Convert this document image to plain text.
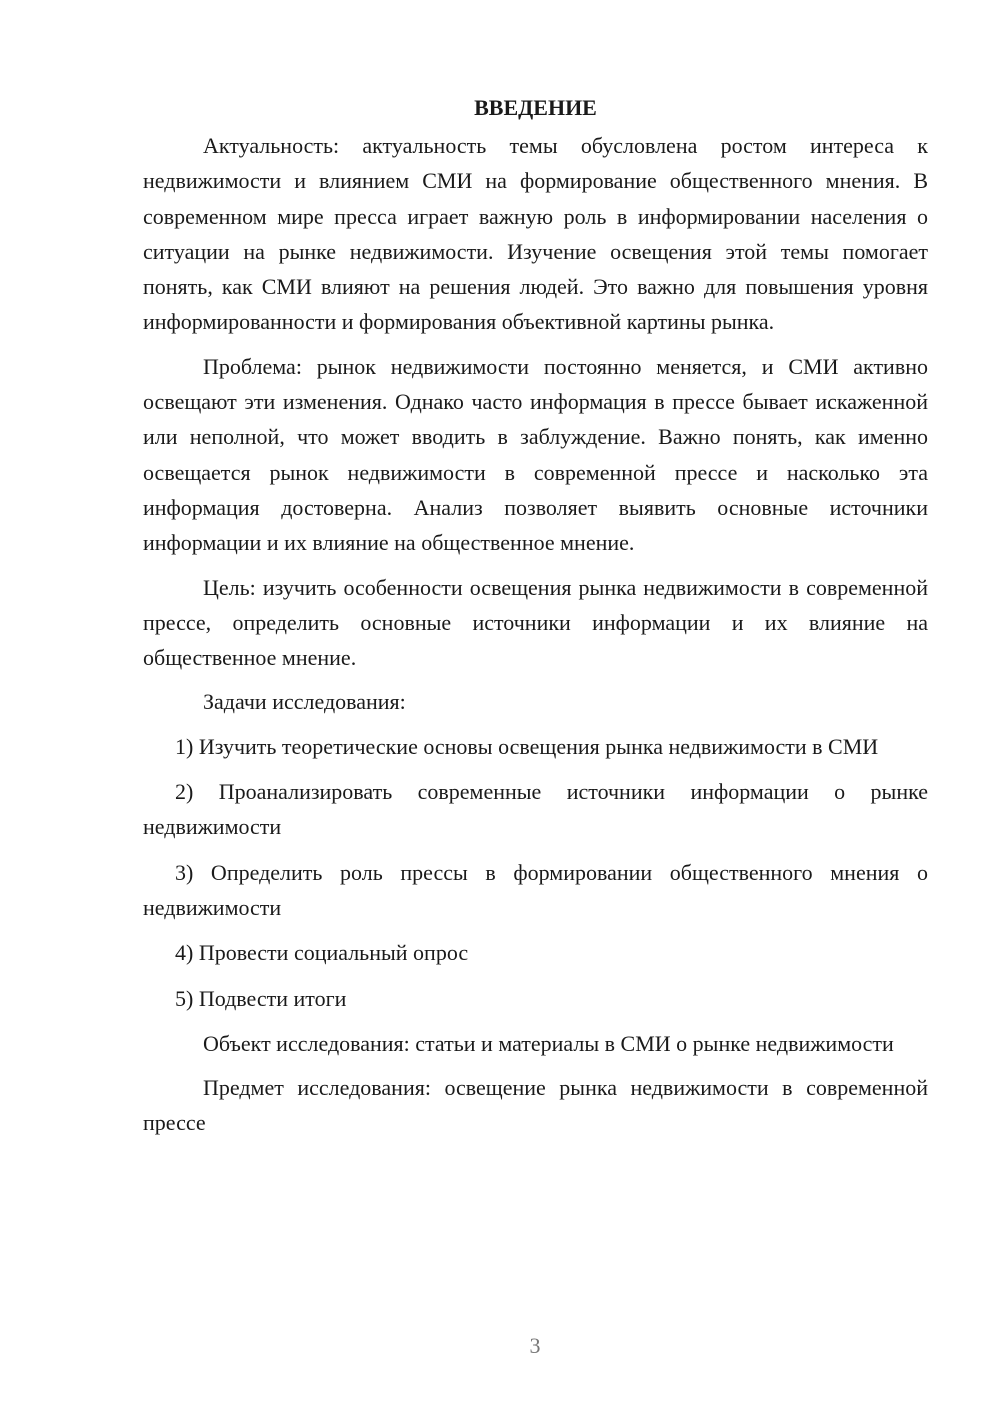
ВВЕДЕНИЕ

Актуальность: актуальность темы обусловлена ростом интереса к недвижимости и влиянием СМИ на формирование общественного мнения. В современном мире пресса играет важную роль в информировании населения о ситуации на рынке недвижимости. Изучение освещения этой темы помогает понять, как СМИ влияют на решения людей. Это важно для повышения уровня информированности и формирования объективной картины рынка.

Проблема: рынок недвижимости постоянно меняется, и СМИ активно освещают эти изменения. Однако часто информация в прессе бывает искаженной или неполной, что может вводить в заблуждение. Важно понять, как именно освещается рынок недвижимости в современной прессе и насколько эта информация достоверна. Анализ позволяет выявить основные источники информации и их влияние на общественное мнение.

Цель: изучить особенности освещения рынка недвижимости в современной прессе, определить основные источники информации и их влияние на общественное мнение.

Задачи исследования:

1) Изучить теоретические основы освещения рынка недвижимости в СМИ

2) Проанализировать современные источники информации о рынке недвижимости

3) Определить роль прессы в формировании общественного мнения о недвижимости

4) Провести социальный опрос

5) Подвести итоги

Объект исследования: статьи и материалы в СМИ о рынке недвижимости

Предмет исследования: освещение рынка недвижимости в современной прессе

3
